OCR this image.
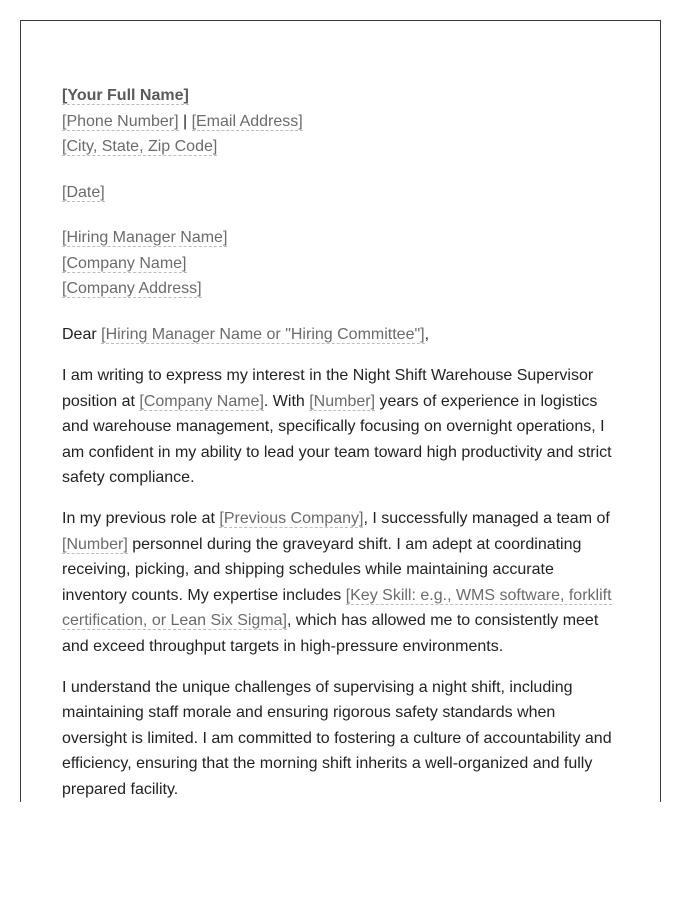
[Your Full Name]

[Phone Number] | [Email Address]

[City, State, Zip Code]

[Date]

[Hiring Manager Name]

[Company Name]

[Company Address]

Dear [Hiring Manager Name or "Hiring Committee"],

I am writing to express my interest in the Night Shift Warehouse Supervisor position at [Company Name]. With [Number] years of experience in logistics and warehouse management, specifically focusing on overnight operations, I am confident in my ability to lead your team toward high productivity and strict safety compliance.

In my previous role at [Previous Company], I successfully managed a team of [Number] personnel during the graveyard shift. I am adept at coordinating receiving, picking, and shipping schedules while maintaining accurate inventory counts. My expertise includes [Key Skill: e.g., WMS software, forklift certification, or Lean Six Sigma], which has allowed me to consistently meet and exceed throughput targets in high-pressure environments.

I understand the unique challenges of supervising a night shift, including maintaining staff morale and ensuring rigorous safety standards when oversight is limited. I am committed to fostering a culture of accountability and efficiency, ensuring that the morning shift inherits a well-organized and fully prepared facility.
